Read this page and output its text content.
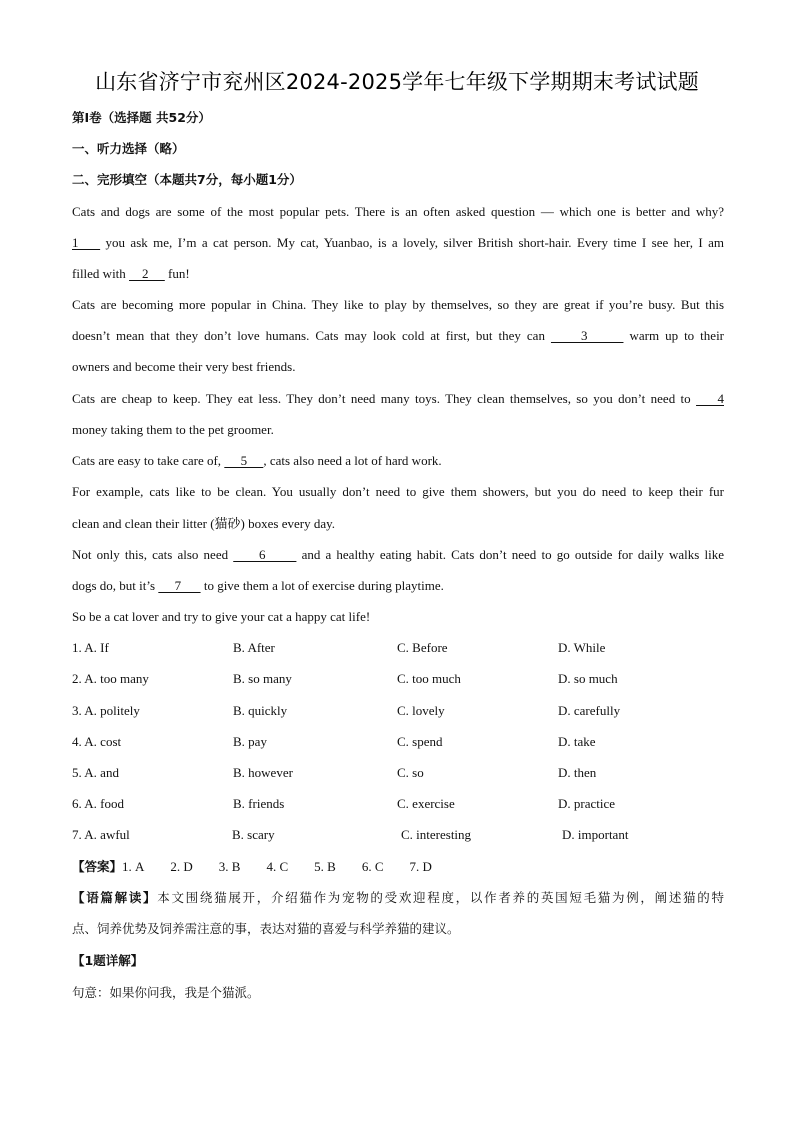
山东省济宁市兖州区2024-2025学年七年级下学期期末考试试题
第Ⅰ卷（选择题 共52分）
一、听力选择（略）
二、完形填空（本题共7分，每小题1分）
Cats and dogs are some of the most popular pets. There is an often asked question — which one is better and why?
1     you ask me, I’m a cat person. My cat, Yuanbao, is a lovely, silver British short-hair. Every time I see her, I am
filled with     2      fun!
Cats are becoming more popular in China. They like to play by themselves, so they are great if you’re busy. But this
doesn’t mean that they don’t love humans. Cats may look cold at first, but they can      3       warm up to their
owners and become their very best friends.
Cats are cheap to keep. They eat less. They don’t need many toys. They clean themselves, so you don’t need to     4
money taking them to the pet groomer.
Cats are easy to take care of,      5     , cats also need a lot of hard work.
For example, cats like to be clean. You usually don’t need to give them showers, but you do need to keep their fur
clean and clean their litter (猫砂) boxes every day.
Not only this, cats also need      6       and a healthy eating habit. Cats don’t need to go outside for daily walks like
dogs do, but it’s      7       to give them a lot of exercise during playtime.
So be a cat lover and try to give your cat a happy cat life!
1. A. If	B. After	C. Before	D. While
2. A. too many	B. so many	C. too much	D. so much
3. A. politely	B. quickly	C. lovely	D. carefully
4. A. cost	B. pay	C. spend	D. take
5. A. and	B. however	C. so	D. then
6. A. food	B. friends	C. exercise	D. practice
7. A. awful	B. scary	C. interesting	D. important
【答案】1. A 2. D 3. B 4. C 5. B 6. C 7. D
【语篇解读】本文围绕猫展开，介绍猫作为宠物的受欢迎程度，以作者养的英国短毛猫为例，阐述猫的特
点、饲养优势及饲养需注意的事，表达对猫的喜爱与科学养猫的建议。
【1题详解】
句意：如果你问我，我是个猫派。
